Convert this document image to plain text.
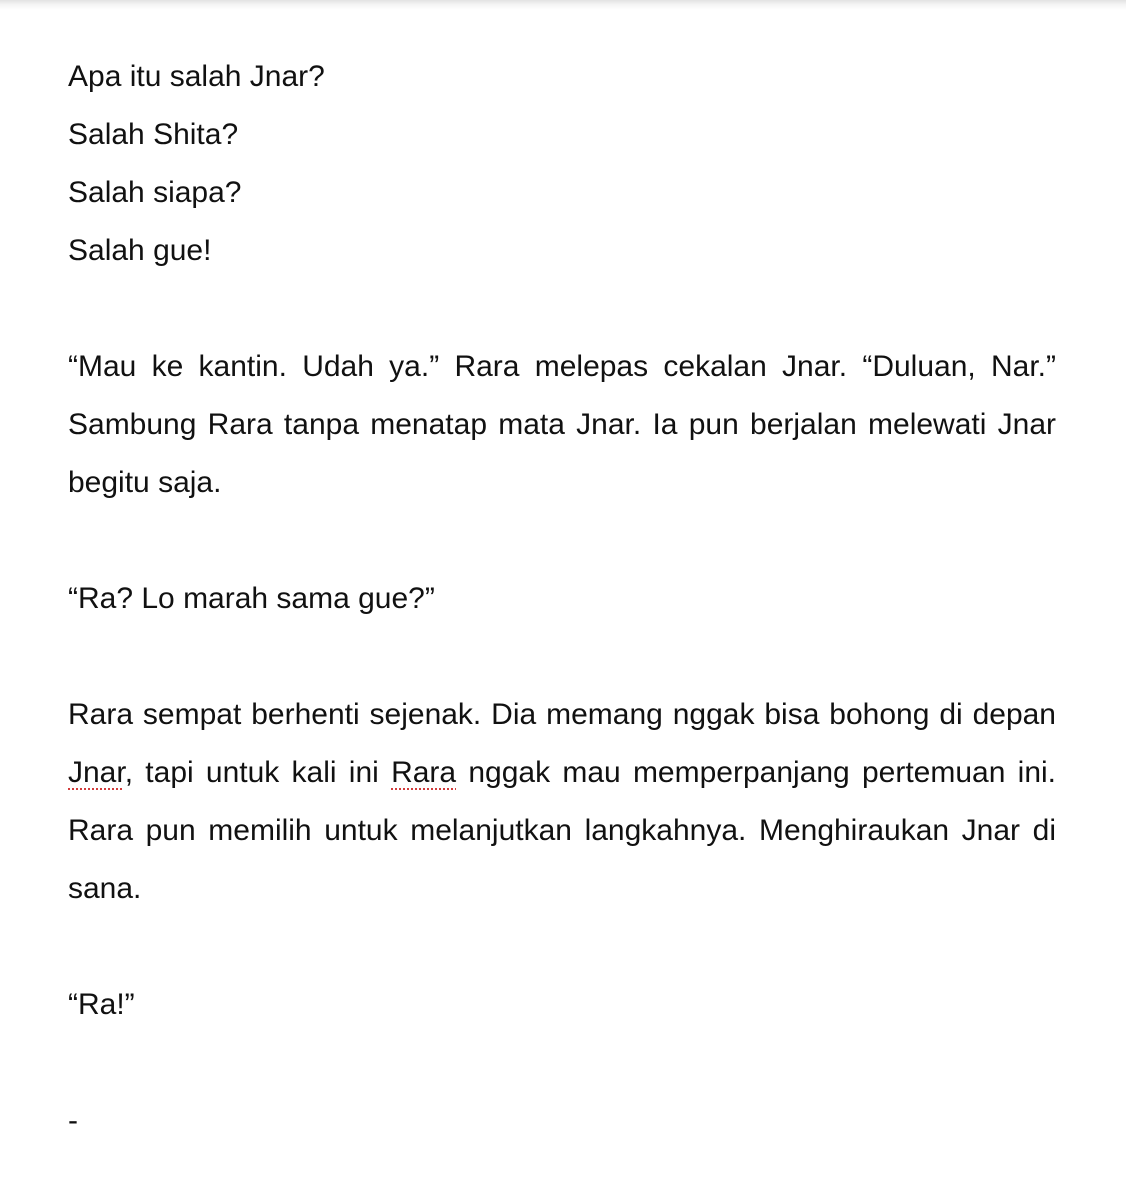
Apa itu salah Jnar?

Salah Shita?

Salah siapa?

Salah gue!

“Mau ke kantin. Udah ya.” Rara melepas cekalan Jnar. “Duluan, Nar.” Sambung Rara tanpa menatap mata Jnar. Ia pun berjalan melewati Jnar begitu saja.

“Ra? Lo marah sama gue?”

Rara sempat berhenti sejenak. Dia memang nggak bisa bohong di depan Jnar, tapi untuk kali ini Rara nggak mau memperpanjang pertemuan ini. Rara pun memilih untuk melanjutkan langkahnya. Menghiraukan Jnar di sana.

“Ra!”

-
